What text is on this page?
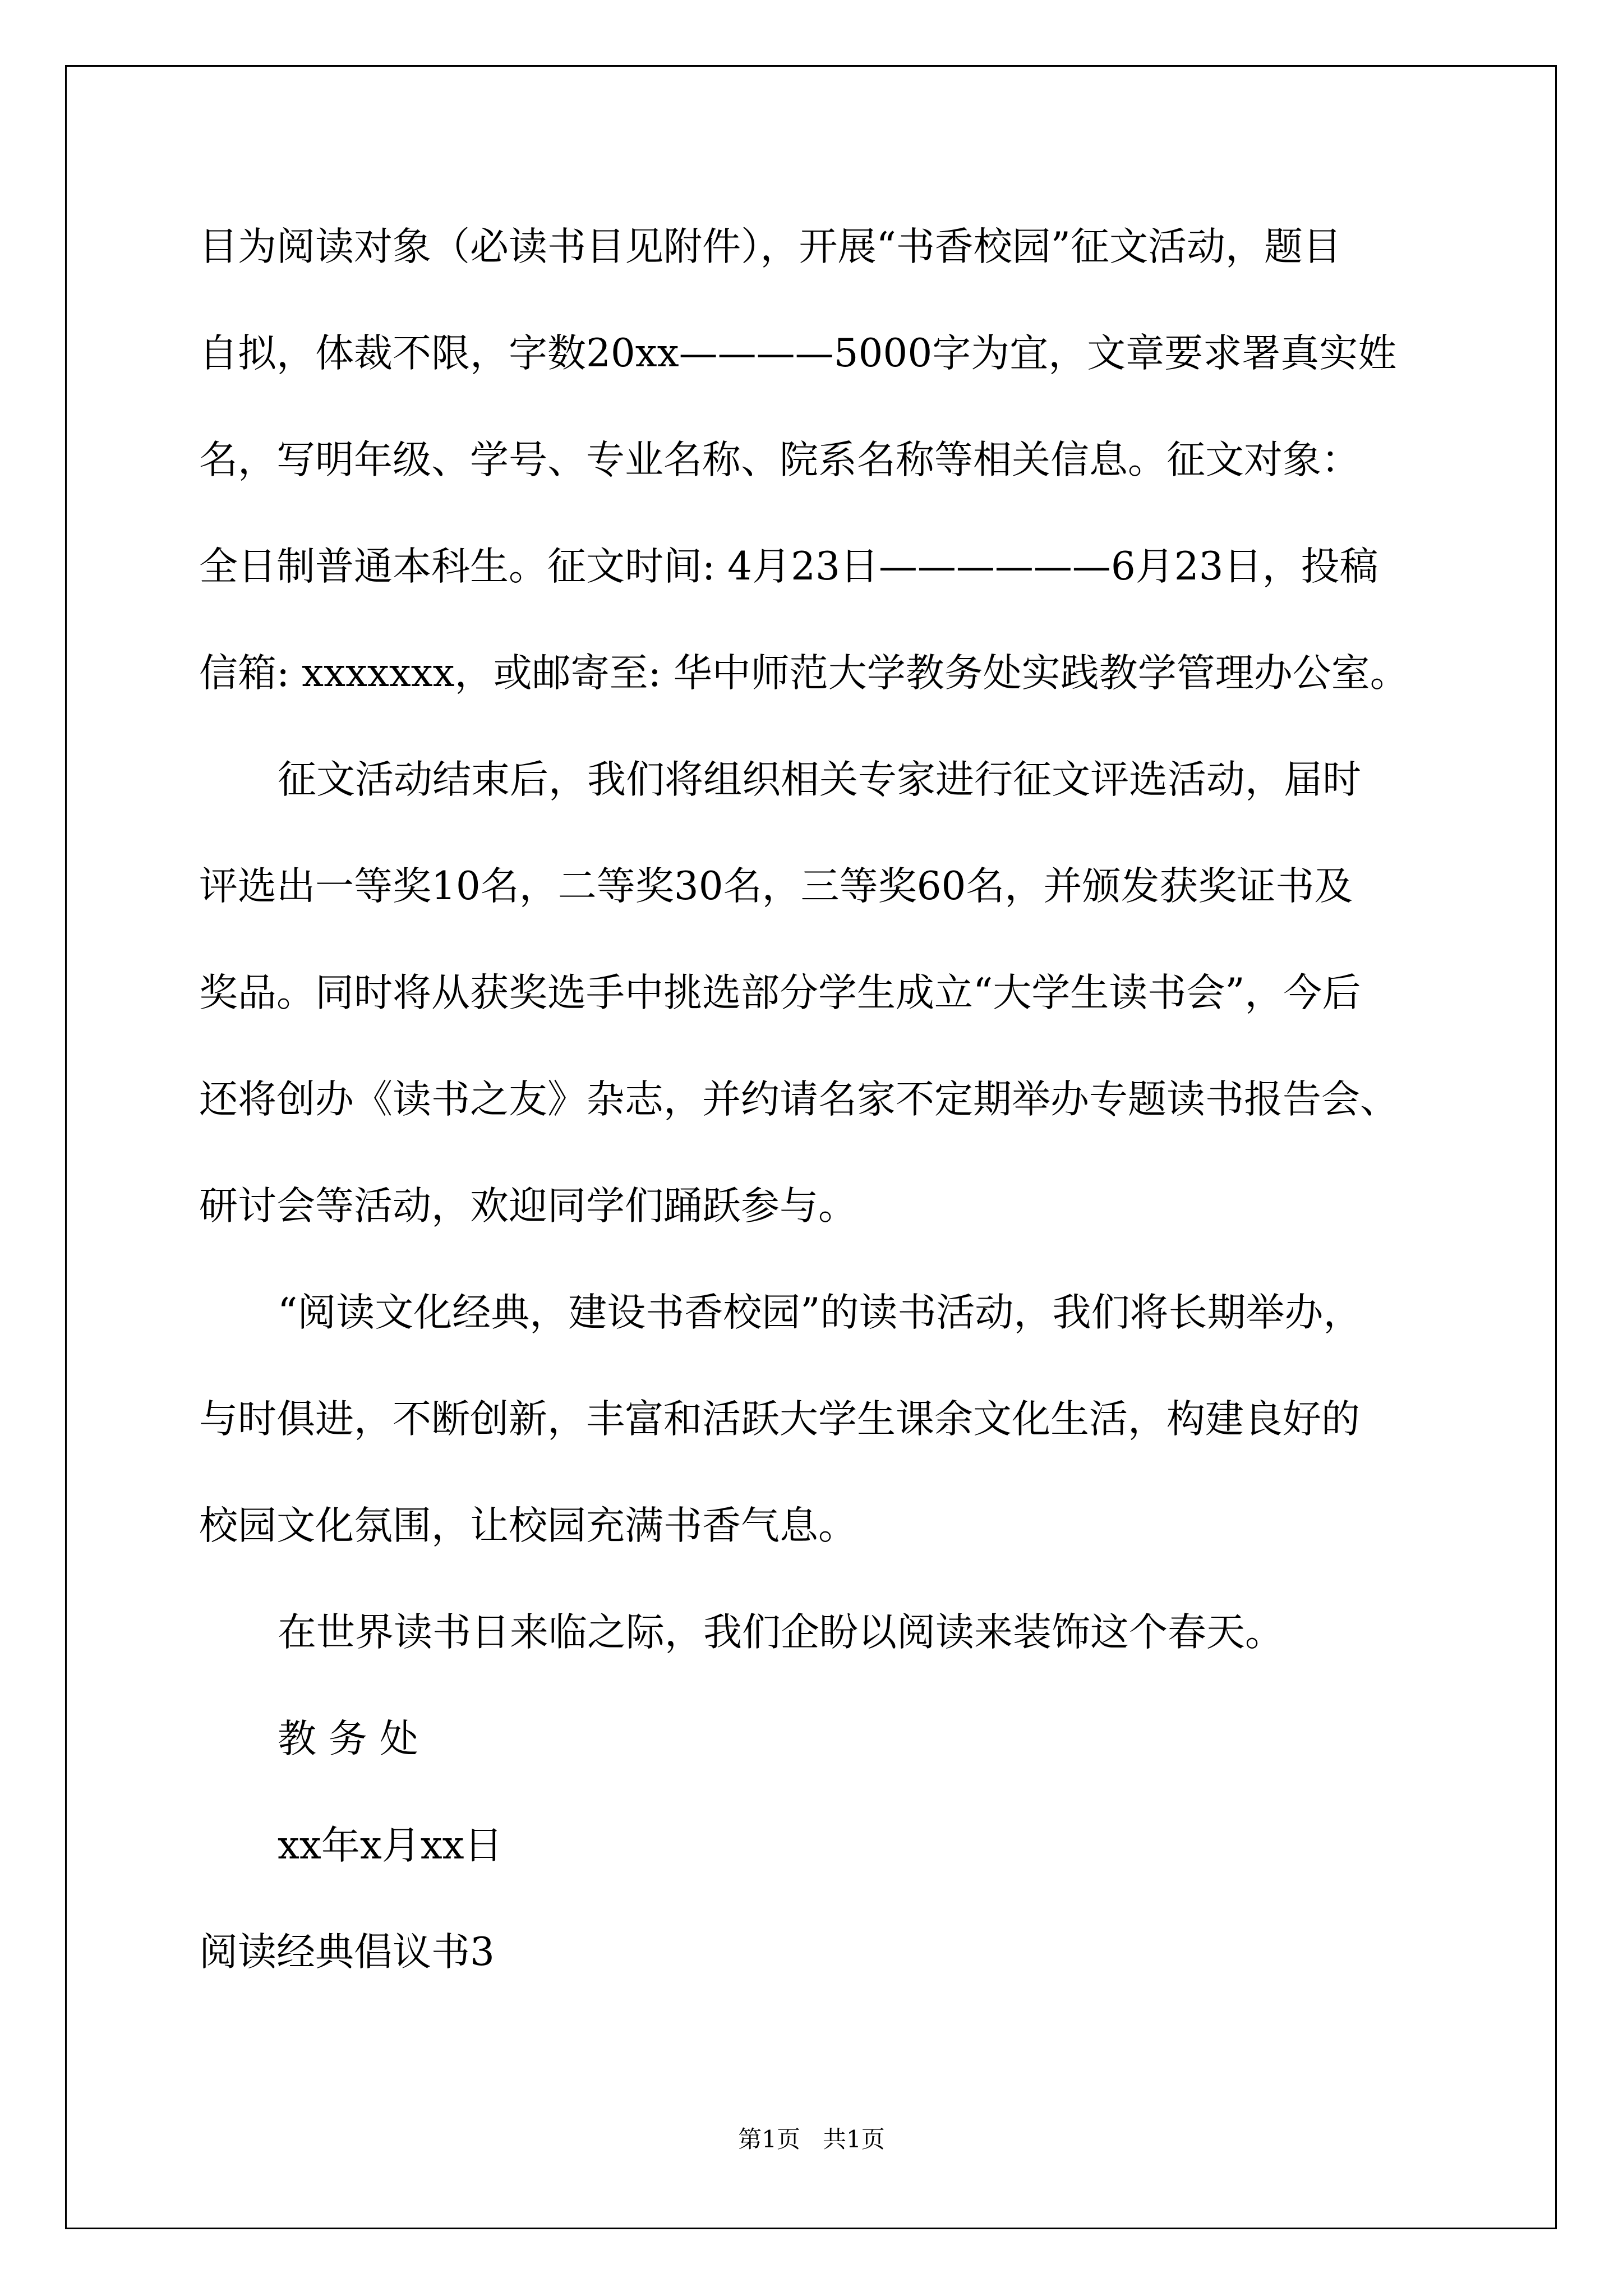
目为阅读对象（必读书目见附件），开展“书香校园”征文活动，题目
自拟，体裁不限，字数20xx————5000字为宜，文章要求署真实姓
名，写明年级、学号、专业名称、院系名称等相关信息。征文对象：
全日制普通本科生。征文时间: 4月23日——————6月23日，投稿
信箱: xxxxxxx，或邮寄至: 华中师范大学教务处实践教学管理办公室。
征文活动结束后，我们将组织相关专家进行征文评选活动，届时
评选出一等奖10名，二等奖30名，三等奖60名，并颁发获奖证书及
奖品。同时将从获奖选手中挑选部分学生成立“大学生读书会”，今后
还将创办《读书之友》杂志，并约请名家不定期举办专题读书报告会、
研讨会等活动，欢迎同学们踊跃参与。
“阅读文化经典，建设书香校园”的读书活动，我们将长期举办，
与时俱进，不断创新，丰富和活跃大学生课余文化生活，构建良好的
校园文化氛围，让校园充满书香气息。
在世界读书日来临之际，我们企盼以阅读来装饰这个春天。
教 务 处
xx年x月xx日
阅读经典倡议书3
第1页   共1页
